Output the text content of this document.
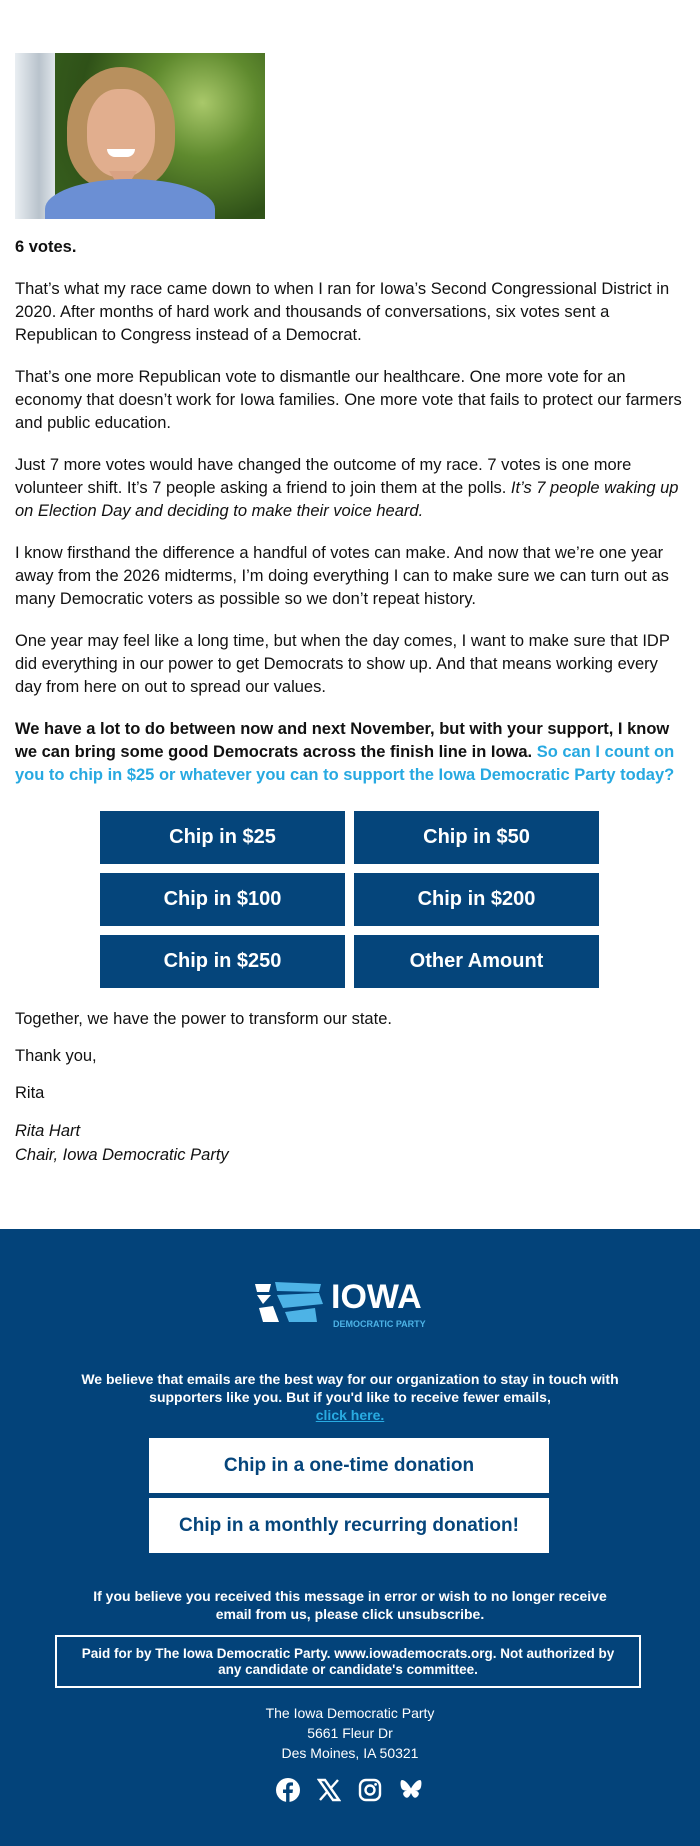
6 votes.

That’s what my race came down to when I ran for Iowa’s Second Congressional District in 2020. After months of hard work and thousands of conversations, six votes sent a Republican to Congress instead of a Democrat.

That’s one more Republican vote to dismantle our healthcare. One more vote for an economy that doesn’t work for Iowa families. One more vote that fails to protect our farmers and public education.

Just 7 more votes would have changed the outcome of my race. 7 votes is one more volunteer shift. It’s 7 people asking a friend to join them at the polls. It’s 7 people waking up on Election Day and deciding to make their voice heard.

I know firsthand the difference a handful of votes can make. And now that we’re one year away from the 2026 midterms, I’m doing everything I can to make sure we can turn out as many Democratic voters as possible so we don’t repeat history.

One year may feel like a long time, but when the day comes, I want to make sure that IDP did everything in our power to get Democrats to show up. And that means working every day from here on out to spread our values.

We have a lot to do between now and next November, but with your support, I know we can bring some good Democrats across the finish line in Iowa. So can I count on you to chip in $25 or whatever you can to support the Iowa Democratic Party today?

Chip in $25	Chip in $50
Chip in $100	Chip in $200
Chip in $250	Other Amount

Together, we have the power to transform our state.

Thank you,

Rita

Rita Hart
Chair, Iowa Democratic Party

IOWA
DEMOCRATIC PARTY
We believe that emails are the best way for our organization to stay in touch with supporters like you. But if you'd like to receive fewer emails,
click here.
Chip in a one-time donation
Chip in a monthly recurring donation!
If you believe you received this message in error or wish to no longer receive email from us, please click unsubscribe.
Paid for by The Iowa Democratic Party. www.iowademocrats.org. Not authorized by any candidate or candidate's committee.
The Iowa Democratic Party
5661 Fleur Dr
Des Moines, IA 50321
